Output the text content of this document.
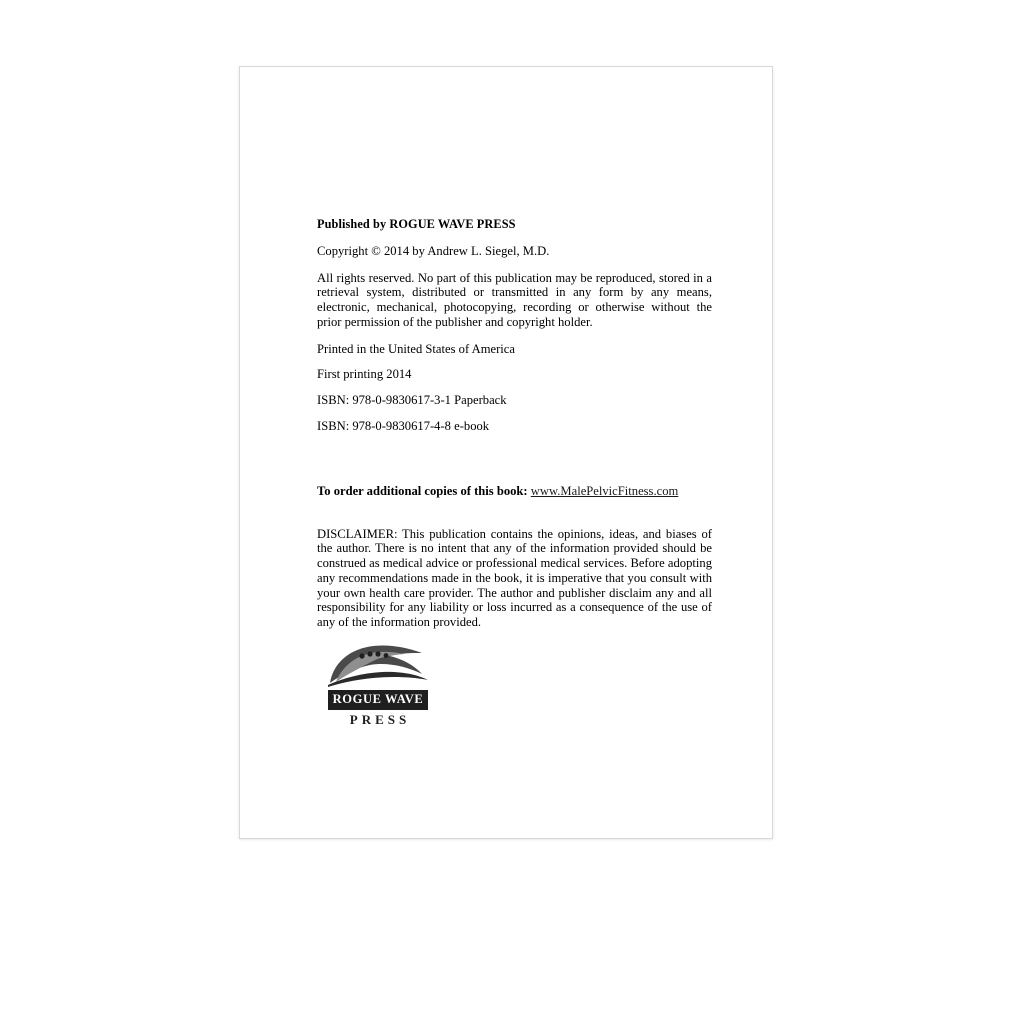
Published by ROGUE WAVE PRESS

Copyright © 2014 by Andrew L. Siegel, M.D.

All rights reserved. No part of this publication may be reproduced, stored in a retrieval system, distributed or transmitted in any form by any means, electronic, mechanical, photocopying, recording or otherwise without the prior permission of the publisher and copyright holder.

Printed in the United States of America

First printing 2014

ISBN: 978-0-9830617-3-1 Paperback

ISBN: 978-0-9830617-4-8 e-book

To order additional copies of this book: www.MalePelvicFitness.com

DISCLAIMER: This publication contains the opinions, ideas, and biases of the author. There is no intent that any of the information provided should be construed as medical advice or professional medical services. Before adopting any recommendations made in the book, it is imperative that you consult with your own health care provider. The author and publisher disclaim any and all responsibility for any liability or loss incurred as a consequence of the use of any of the information provided.

ROGUE WAVE
PRESS
